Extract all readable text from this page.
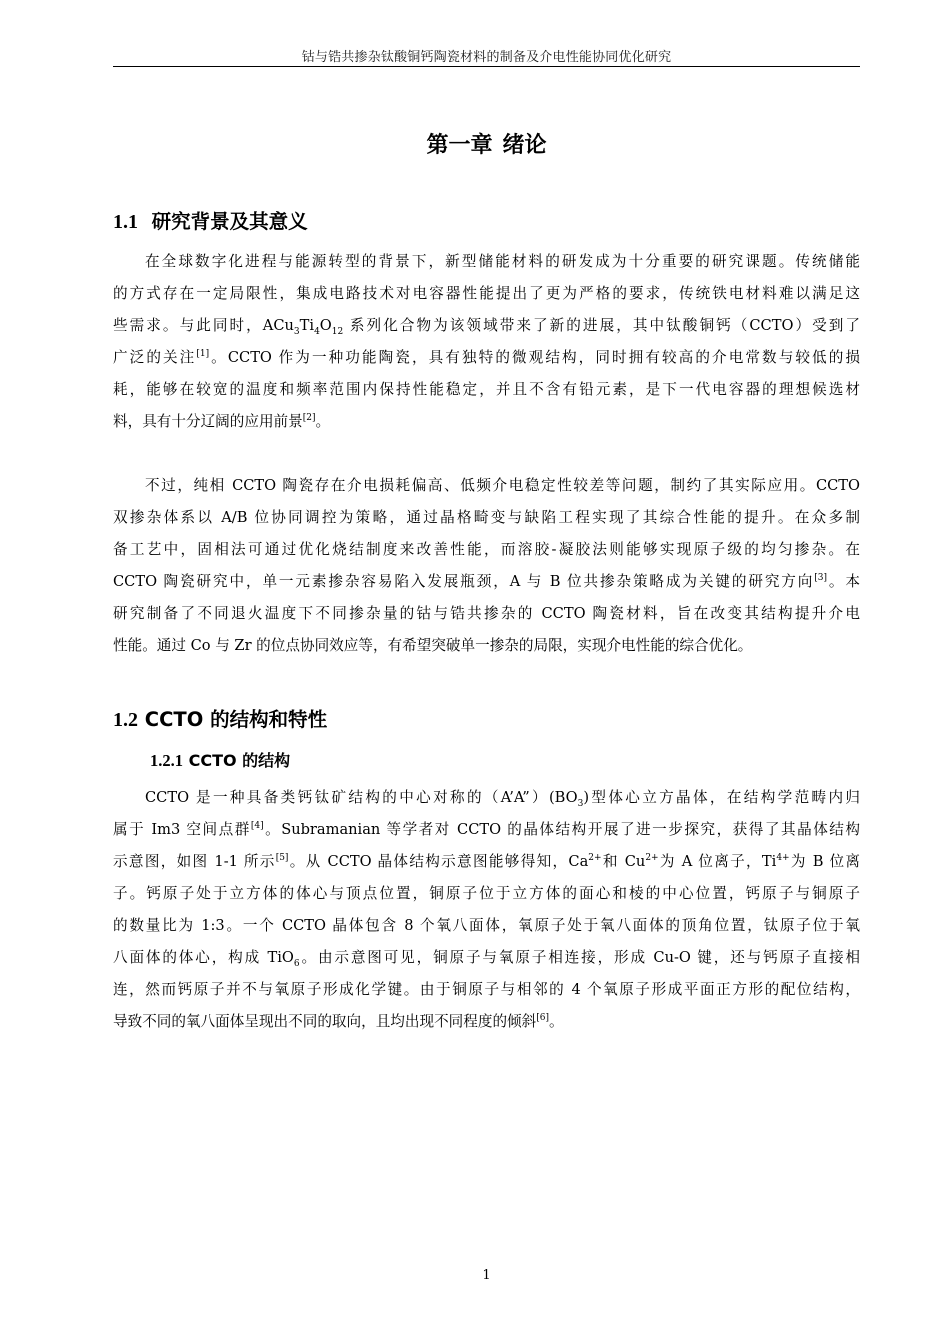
钴与锆共掺杂钛酸铜钙陶瓷材料的制备及介电性能协同优化研究
第一章 绪论
1.1 研究背景及其意义
在全球数字化进程与能源转型的背景下，新型储能材料的研发成为十分重要的研究课题。传统储能
的方式存在一定局限性，集成电路技术对电容器性能提出了更为严格的要求，传统铁电材料难以满足这
些需求。与此同时，$ACu_3Ti_4O_{12}$ 系列化合物为该领域带来了新的进展，其中钛酸铜钙（CCTO）受到了
广泛的关注[1]。CCTO 作为一种功能陶瓷，具有独特的微观结构，同时拥有较高的介电常数与较低的损
耗，能够在较宽的温度和频率范围内保持性能稳定，并且不含有铅元素，是下一代电容器的理想候选材
料，具有十分辽阔的应用前景[2]。
不过，纯相 CCTO 陶瓷存在介电损耗偏高、低频介电稳定性较差等问题，制约了其实际应用。CCTO
双掺杂体系以 A/B 位协同调控为策略，通过晶格畸变与缺陷工程实现了其综合性能的提升。在众多制
备工艺中，固相法可通过优化烧结制度来改善性能，而溶胶-凝胶法则能够实现原子级的均匀掺杂。在
CCTO 陶瓷研究中，单一元素掺杂容易陷入发展瓶颈，A 与 B 位共掺杂策略成为关键的研究方向[3]。本
研究制备了不同退火温度下不同掺杂量的钴与锆共掺杂的 CCTO 陶瓷材料，旨在改变其结构提升介电
性能。通过 Co 与 Zr 的位点协同效应等，有希望突破单一掺杂的局限，实现介电性能的综合优化。
1.2 CCTO 的结构和特性
1.2.1 CCTO 的结构
CCTO 是一种具备类钙钛矿结构的中心对称的$(A’A”)(BO_3)$型体心立方晶体，在结构学范畴内归
属于 Im3 空间点群[4]。Subramanian 等学者对 CCTO 的晶体结构开展了进一步探究，获得了其晶体结构
示意图，如图 1-1 所示[5]。从 CCTO 晶体结构示意图能够得知，$Ca^{2+}$和 $Cu^{2+}$为 A 位离子，$Ti^{4+}$为 B 位离
子。钙原子处于立方体的体心与顶点位置，铜原子位于立方体的面心和棱的中心位置，钙原子与铜原子
的数量比为 1:3。一个 CCTO 晶体包含 8 个氧八面体，氧原子处于氧八面体的顶角位置，钛原子位于氧
八面体的体心，构成 TiO$_6$。由示意图可见，铜原子与氧原子相连接，形成 Cu-O 键，还与钙原子直接相
连，然而钙原子并不与氧原子形成化学键。由于铜原子与相邻的 4 个氧原子形成平面正方形的配位结构，
导致不同的氧八面体呈现出不同的取向，且均出现不同程度的倾斜[6]。
1
